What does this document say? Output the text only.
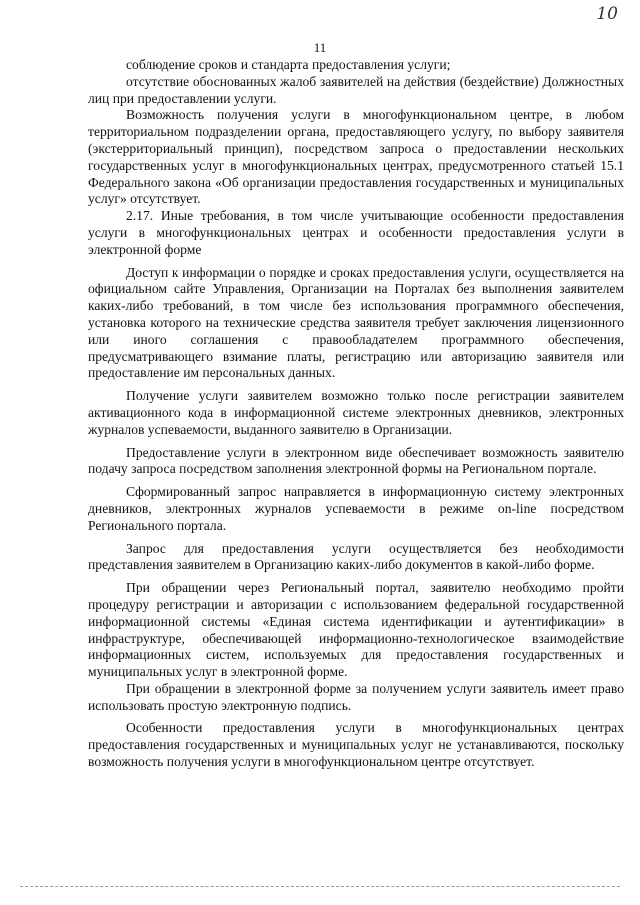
10
11

соблюдение сроков и стандарта предоставления услуги;

отсутствие обоснованных жалоб заявителей на действия (бездействие) Должностных лиц при предоставлении услуги.

Возможность получения услуги в многофункциональном центре, в любом территориальном подразделении органа, предоставляющего услугу, по выбору заявителя (экстерриториальный принцип), посредством запроса о предоставлении нескольких государственных услуг в многофункциональных центрах, предусмотренного статьей 15.1 Федерального закона «Об организации предоставления государственных и муниципальных услуг» отсутствует.

2.17. Иные требования, в том числе учитывающие особенности предоставления услуги в многофункциональных центрах и особенности предоставления услуги в электронной форме

Доступ к информации о порядке и сроках предоставления услуги, осуществляется на официальном сайте Управления, Организации на Порталах без выполнения заявителем каких-либо требований, в том числе без использования программного обеспечения, установка которого на технические средства заявителя требует заключения лицензионного или иного соглашения с правообладателем программного обеспечения, предусматривающего взимание платы, регистрацию или авторизацию заявителя или предоставление им персональных данных.

Получение услуги заявителем возможно только после регистрации заявителем активационного кода в информационной системе электронных дневников, электронных журналов успеваемости, выданного заявителю в Организации.

Предоставление услуги в электронном виде обеспечивает возможность заявителю подачу запроса посредством заполнения электронной формы на Региональном портале.

Сформированный запрос направляется в информационную систему электронных дневников, электронных журналов успеваемости в режиме on-line посредством Регионального портала.

Запрос для предоставления услуги осуществляется без необходимости представления заявителем в Организацию каких-либо документов в какой-либо форме.

При обращении через Региональный портал, заявителю необходимо пройти процедуру регистрации и авторизации с использованием федеральной государственной информационной системы «Единая система идентификации и аутентификации» в инфраструктуре, обеспечивающей информационно-технологическое взаимодействие информационных систем, используемых для предоставления государственных и муниципальных услуг в электронной форме.

При обращении в электронной форме за получением услуги заявитель имеет право использовать простую электронную подпись.

Особенности предоставления услуги в многофункциональных центрах предоставления государственных и муниципальных услуг не устанавливаются, поскольку возможность получения услуги в многофункциональном центре отсутствует.
